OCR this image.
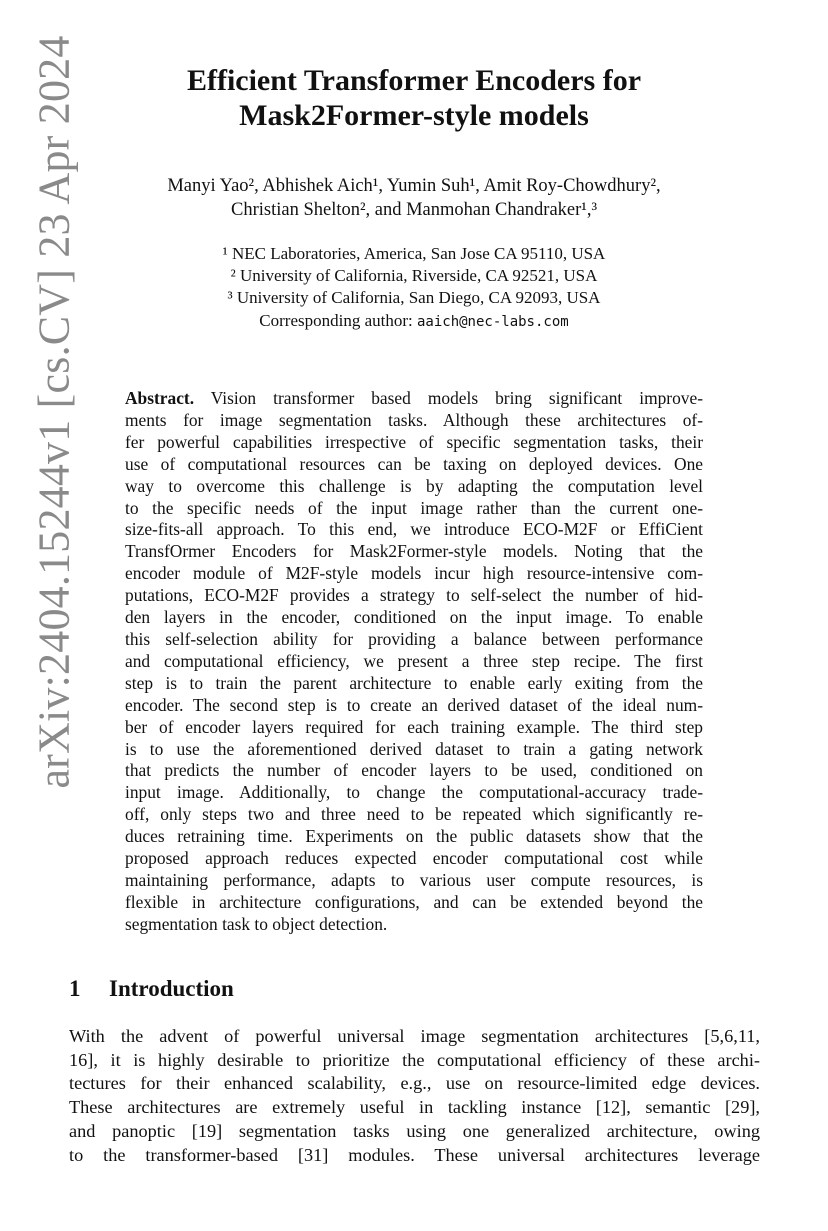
arXiv:2404.15244v1 [cs.CV] 23 Apr 2024	Efficient Transformer Encoders for
Mask2Former-style models
Manyi Yao², Abhishek Aich¹, Yumin Suh¹, Amit Roy-Chowdhury²,
Christian Shelton², and Manmohan Chandraker¹,³
¹ NEC Laboratories, America, San Jose CA 95110, USA
² University of California, Riverside, CA 92521, USA
³ University of California, San Diego, CA 92093, USA
Corresponding author: aaich@nec-labs.com
Abstract. Vision transformer based models bring significant improve-
ments for image segmentation tasks. Although these architectures of-
fer powerful capabilities irrespective of specific segmentation tasks, their
use of computational resources can be taxing on deployed devices. One
way to overcome this challenge is by adapting the computation level
to the specific needs of the input image rather than the current one-
size-fits-all approach. To this end, we introduce ECO-M2F or EffiCient
TransfOrmer Encoders for Mask2Former-style models. Noting that the
encoder module of M2F-style models incur high resource-intensive com-
putations, ECO-M2F provides a strategy to self-select the number of hid-
den layers in the encoder, conditioned on the input image. To enable
this self-selection ability for providing a balance between performance
and computational efficiency, we present a three step recipe. The first
step is to train the parent architecture to enable early exiting from the
encoder. The second step is to create an derived dataset of the ideal num-
ber of encoder layers required for each training example. The third step
is to use the aforementioned derived dataset to train a gating network
that predicts the number of encoder layers to be used, conditioned on
input image. Additionally, to change the computational-accuracy trade-
off, only steps two and three need to be repeated which significantly re-
duces retraining time. Experiments on the public datasets show that the
proposed approach reduces expected encoder computational cost while
maintaining performance, adapts to various user compute resources, is
flexible in architecture configurations, and can be extended beyond the
segmentation task to object detection.
1 Introduction
With the advent of powerful universal image segmentation architectures [5,6,11,
16], it is highly desirable to prioritize the computational efficiency of these archi-
tectures for their enhanced scalability, e.g., use on resource-limited edge devices.
These architectures are extremely useful in tackling instance [12], semantic [29],
and panoptic [19] segmentation tasks using one generalized architecture, owing
to the transformer-based [31] modules. These universal architectures leverage
